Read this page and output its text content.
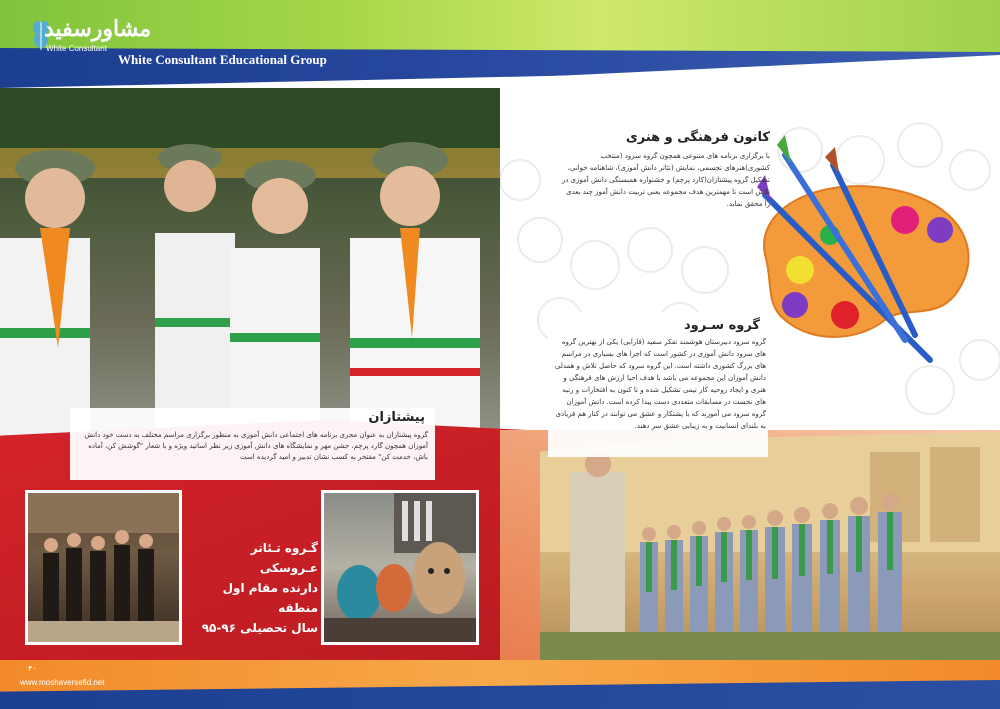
مشاورسفید
White Consultant
White Consultant Educational Group
کانون فرهنگی و هنری
با برگزاری برنامه های متنوعی همچون گروه سرود (منتخب کشوری)هنرهای تجسمی، نمایش (تئاتر دانش آموزی)، شاهنامه خوانی، تشکیل گروه پیشتازان(کارد پرچم) و جشنواره همبستگی دانش آموزی در تلاش است تا مهمترین هدف مجموعه یعنی تربیت دانش آموز چند بعدی را محقق نماید.
پیشتازان
گروه پیشتازان به عنوان مجری برنامه های اجتماعی دانش آموزی به منظور برگزاری مراسم مختلف به دست خود دانش آموزان همچون گارد پرچم، جشن مهر و نمایشگاه های دانش آموزی زیر نظر اساتید ویژه و با شعار "گوشش کن، آماده باش، خدمت کن" مفتخر به کسب نشان تدبیر و امید گردیده است
گـروه تـئاتر عـروسکی
دارنده مقام اول منطقه
سال تحصیلی ۹۶-۹۵
گروه سـرود
گروه سرود دبیرستان هوشمند تفکر سفید (فارابی) یکی از بهترین گروه های سرود دانش آموزی در کشور است که اجرا های بسیاری در مراسم های بزرگ کشوری داشته است. این گروه سرود که حاصل تلاش و همدلی دانش آموزان این مجموعه می باشد با هدف احیا ارزش های فرهنگی و هنری و ایجاد روحیه کار تیمی تشکیل شده و تا کنون به افتخارات و رتبه های نخست در مسابقات متعددی دست پیدا کرده است. دانش آموزان گروه سرود می آموزند که با پشتکار و عشق می توانند در کنار هم فریادی به بلندای انسانیت و به زیبایی عشق سر دهند.
۴۰
www.moshaversefid.net
